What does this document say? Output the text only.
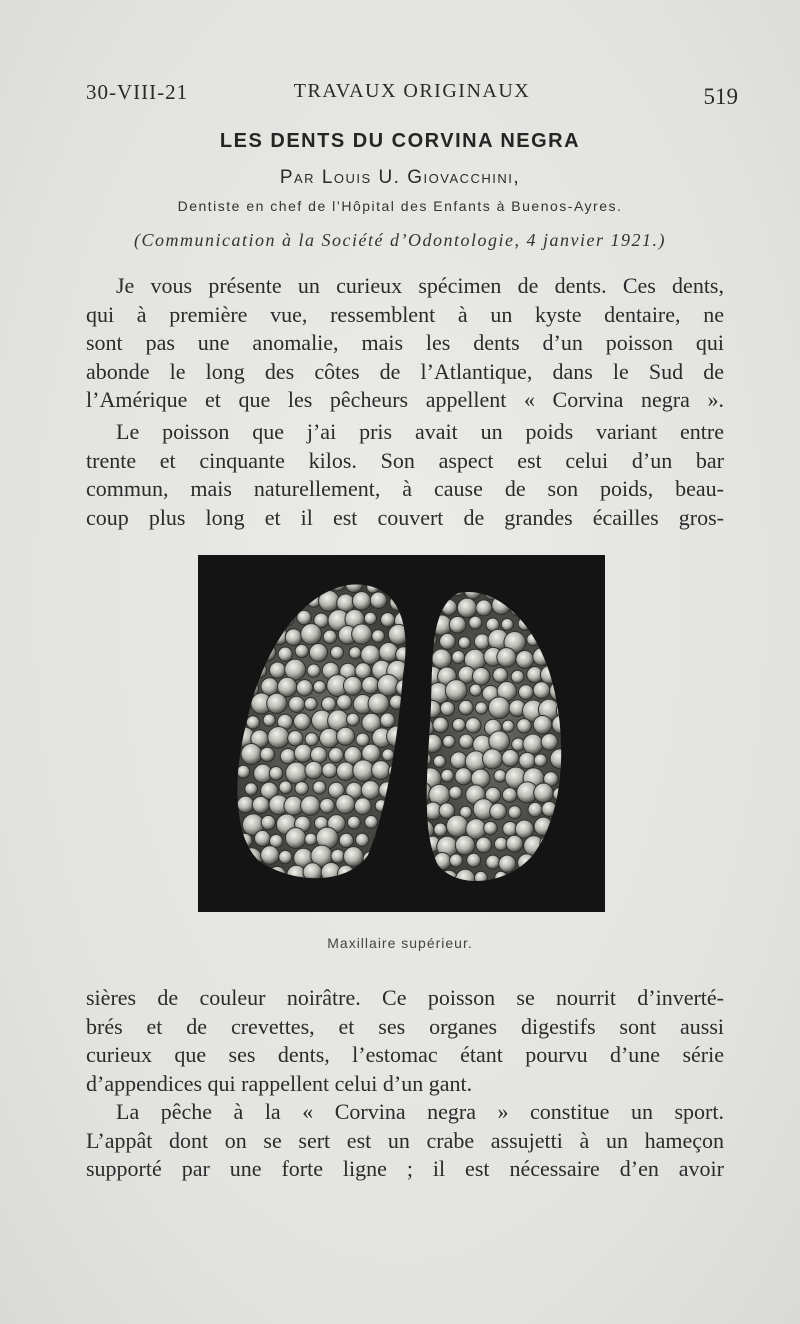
30-VIII-21	TRAVAUX ORIGINAUX	519
LES DENTS DU CORVINA NEGRA
Par Louis U. Giovacchini,
Dentiste en chef de l’Hôpital des Enfants à Buenos-Ayres.
(Communication à la Société d’Odontologie, 4 janvier 1921.)
Je vous présente un curieux spécimen de dents. Ces dents,
qui à première vue, ressemblent à un kyste dentaire, ne
sont pas une anomalie, mais les dents d’un poisson qui
abonde le long des côtes de l’Atlantique, dans le Sud de
l’Amérique et que les pêcheurs appellent « Corvina negra ».
Le poisson que j’ai pris avait un poids variant entre
trente et cinquante kilos. Son aspect est celui d’un bar
commun, mais naturellement, à cause de son poids, beau-
coup plus long et il est couvert de grandes écailles gros-
Maxillaire supérieur.
sières de couleur noirâtre. Ce poisson se nourrit d’inverté-
brés et de crevettes, et ses organes digestifs sont aussi
curieux que ses dents, l’estomac étant pourvu d’une série
d’appendices qui rappellent celui d’un gant.
La pêche à la « Corvina negra » constitue un sport.
L’appât dont on se sert est un crabe assujetti à un hameçon
supporté par une forte ligne ; il est nécessaire d’en avoir
